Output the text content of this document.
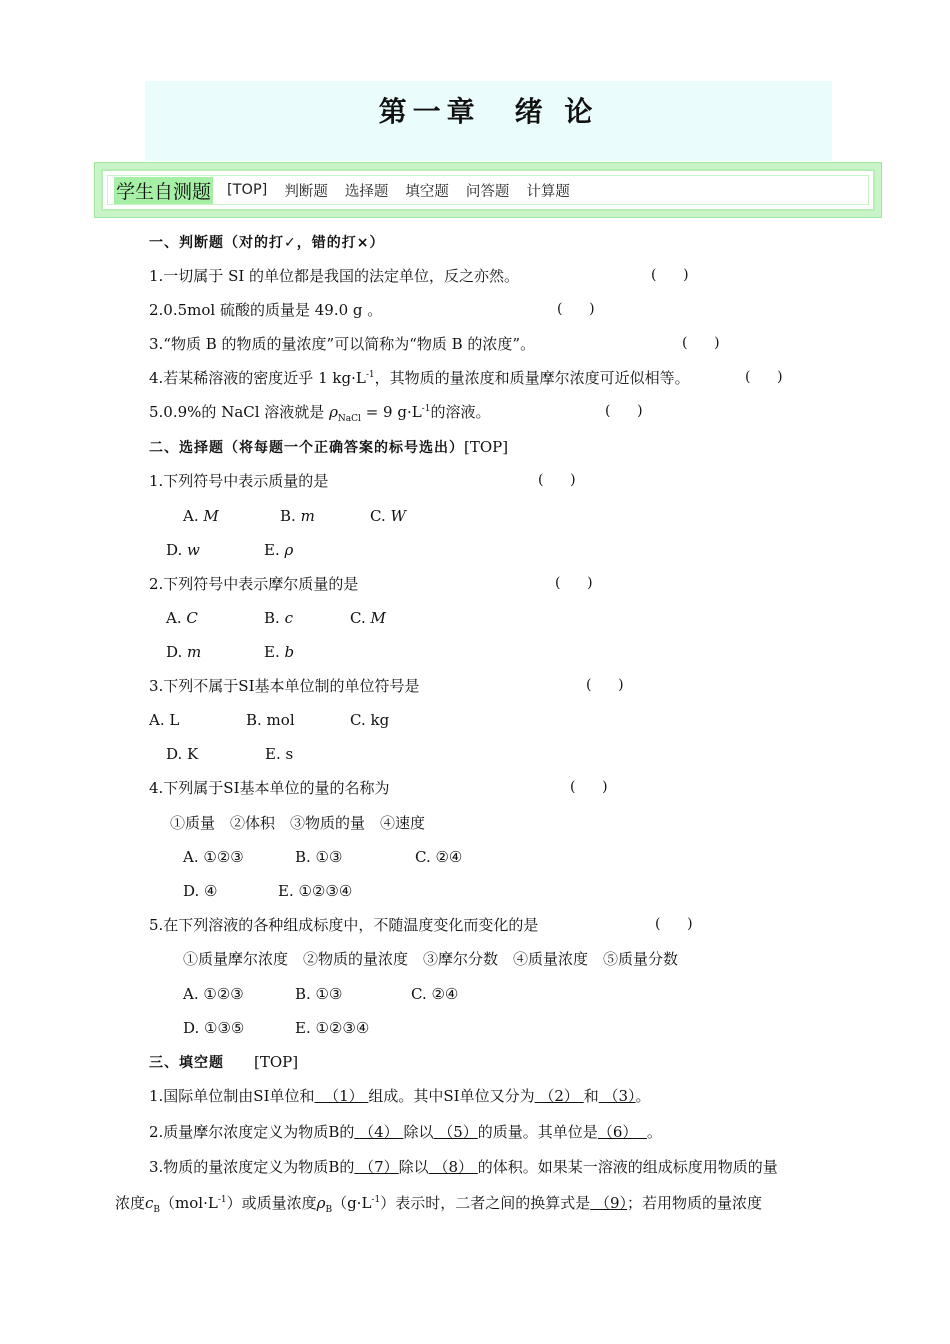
第一章　绪 论
学生自测题 [TOP] 判断题 选择题 填空题 问答题 计算题
一、判断题（对的打✓，错的打×）
1.一切属于 SI 的单位都是我国的法定单位，反之亦然。	(      )
2.0.5mol 硫酸的质量是 49.0 g 。	(      )
3.“物质 B 的物质的量浓度”可以简称为“物质 B 的浓度”。	(      )
4.若某稀溶液的密度近乎 1 $kg\cdot L^{-1}$，其物质的量浓度和质量摩尔浓度可近似相等。	(      )
5.0.9%的 NaCl 溶液就是 $\rho_{NaCl} = 9$ $g\cdot L^{-1}$的溶液。	(      )
二、选择题（将每题一个正确答案的标号选出）[TOP]
1.下列符号中表示质量的是	(      )
A. M	B. m	C. W
D. w	E. ρ
2.下列符号中表示摩尔质量的是	(      )
A. C	B. c	C. M
D. m	E. b
3.下列不属于SI基本单位制的单位符号是	(      )
A. L	B. mol	C. kg
D. K	E. s
4.下列属于SI基本单位的量的名称为	(      )
①质量　②体积　③物质的量　④速度
A. ①②③	B. ①③	C. ②④
D. ④	E. ①②③④
5.在下列溶液的各种组成标度中，不随温度变化而变化的是	(      )
①质量摩尔浓度　②物质的量浓度　③摩尔分数　④质量浓度　⑤质量分数
A. ①②③	B. ①③	C. ②④
D. ①③⑤	E. ①②③④
三、填空题　　 [TOP]
1.国际单位制由SI单位和 （1） 组成。其中SI单位又分为 （2） 和 （3）。
2.质量摩尔浓度定义为物质B的 （4） 除以 （5）的质量。其单位是（6） 。
3.物质的量浓度定义为物质B的 （7）除以 （8） 的体积。如果某一溶液的组成标度用物质的量
浓度$c_B(mol\cdot L^{-1})$或质量浓度$\rho_B(g\cdot L^{-1})$表示时，二者之间的换算式是 （9）；若用物质的量浓度
